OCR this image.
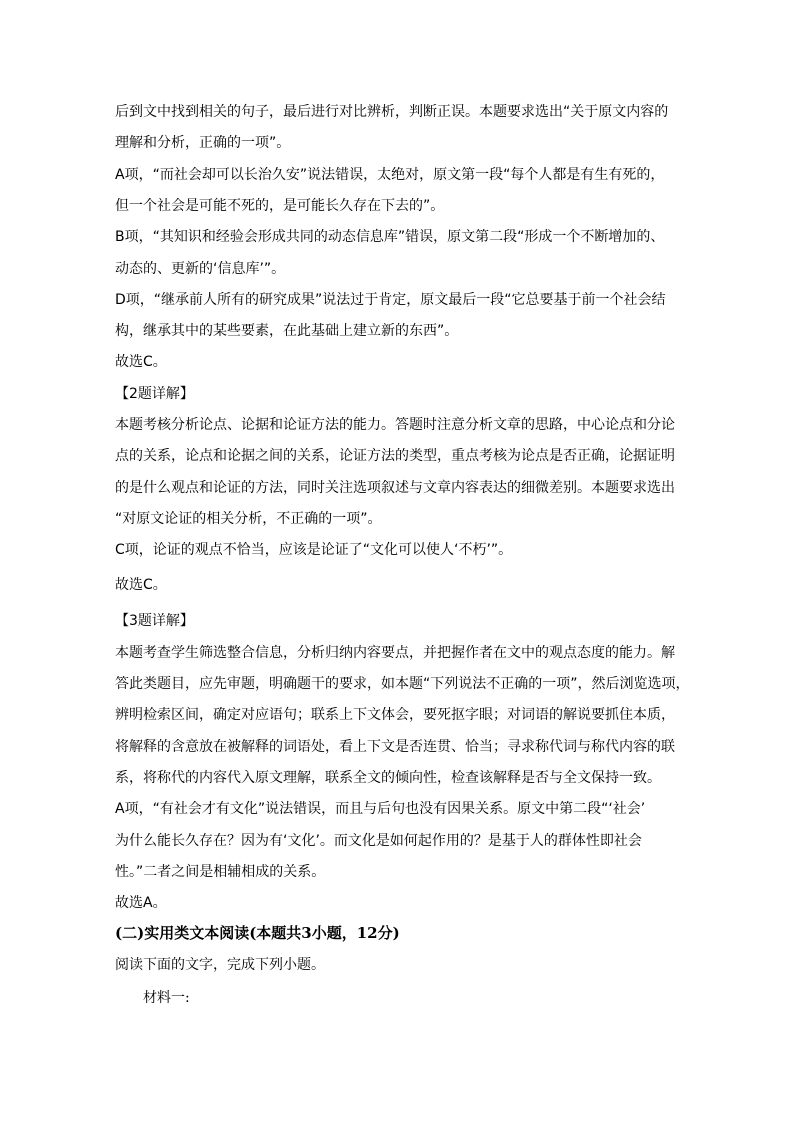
后到文中找到相关的句子，最后进行对比辨析，判断正误。本题要求选出“关于原文内容的
理解和分析，正确的一项”。
A项，“而社会却可以长治久安”说法错误，太绝对，原文第一段“每个人都是有生有死的，
但一个社会是可能不死的，是可能长久存在下去的”。
B项，“其知识和经验会形成共同的动态信息库”错误，原文第二段“形成一个不断增加的、
动态的、更新的‘信息库’”。
D项，“继承前人所有的研究成果”说法过于肯定，原文最后一段“它总要基于前一个社会结
构，继承其中的某些要素，在此基础上建立新的东西”。
故选C。
【2题详解】
本题考核分析论点、论据和论证方法的能力。答题时注意分析文章的思路，中心论点和分论
点的关系，论点和论据之间的关系，论证方法的类型，重点考核为论点是否正确，论据证明
的是什么观点和论证的方法，同时关注选项叙述与文章内容表达的细微差别。本题要求选出
“对原文论证的相关分析，不正确的一项”。
C项，论证的观点不恰当，应该是论证了“文化可以使人‘不朽’”。
故选C。
【3题详解】
本题考查学生筛选整合信息，分析归纳内容要点，并把握作者在文中的观点态度的能力。解
答此类题目，应先审题，明确题干的要求，如本题“下列说法不正确的一项”，然后浏览选项，
辨明检索区间，确定对应语句；联系上下文体会，要死抠字眼；对词语的解说要抓住本质，
将解释的含意放在被解释的词语处，看上下文是否连贯、恰当；寻求称代词与称代内容的联
系，将称代的内容代入原文理解，联系全文的倾向性，检查该解释是否与全文保持一致。
A项，“有社会才有文化”说法错误，而且与后句也没有因果关系。原文中第二段“‘社会’
为什么能长久存在？因为有‘文化’。而文化是如何起作用的？是基于人的群体性即社会
性。”二者之间是相辅相成的关系。
故选A。
(二)实用类文本阅读(本题共3小题，12分)
阅读下面的文字，完成下列小题。
材料一:
